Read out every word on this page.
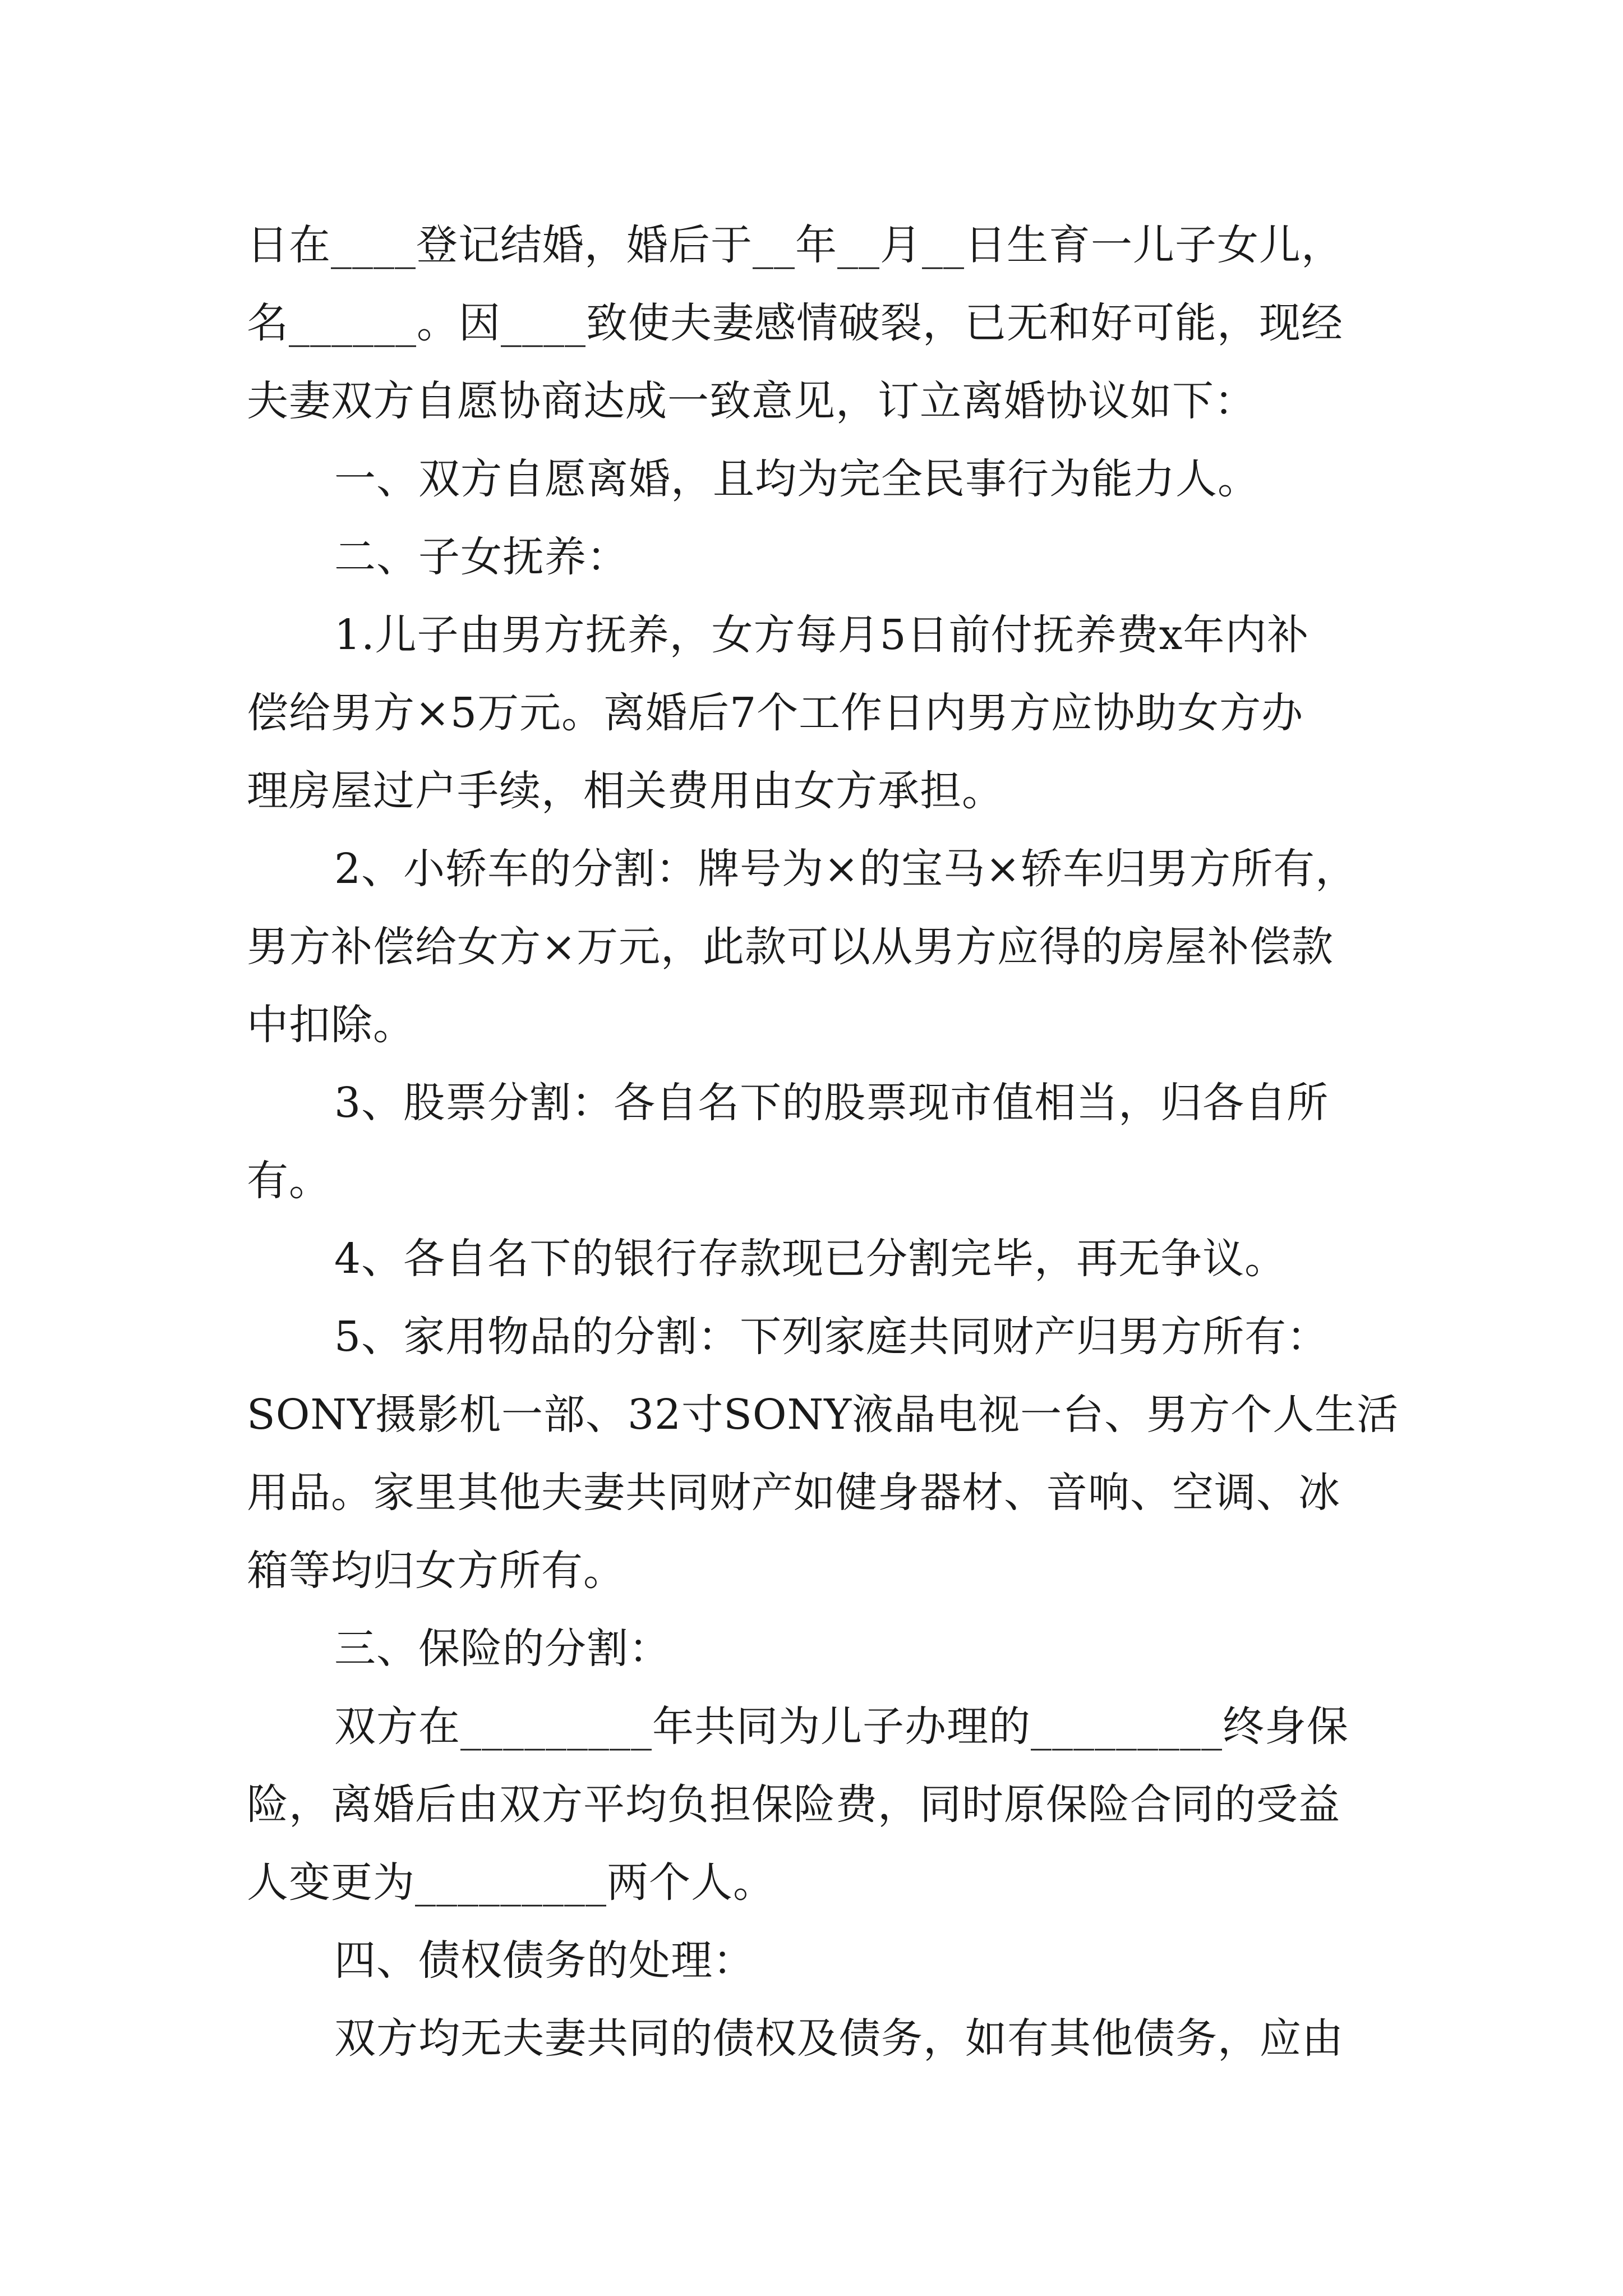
日在____登记结婚，婚后于__年__月__日生育一儿子女儿，
名______。因____致使夫妻感情破裂，已无和好可能，现经
夫妻双方自愿协商达成一致意见，订立离婚协议如下：
一、双方自愿离婚，且均为完全民事行为能力人。
二、子女抚养：
1.儿子由男方抚养，女方每月5日前付抚养费x年内补
偿给男方×5万元。离婚后7个工作日内男方应协助女方办
理房屋过户手续，相关费用由女方承担。
2、小轿车的分割：牌号为×的宝马×轿车归男方所有，
男方补偿给女方×万元，此款可以从男方应得的房屋补偿款
中扣除。
3、股票分割：各自名下的股票现市值相当，归各自所
有。
4、各自名下的银行存款现已分割完毕，再无争议。
5、家用物品的分割：下列家庭共同财产归男方所有：
SONY摄影机一部、32寸SONY液晶电视一台、男方个人生活
用品。家里其他夫妻共同财产如健身器材、音响、空调、冰
箱等均归女方所有。
三、保险的分割：
双方在_________年共同为儿子办理的_________终身保
险，离婚后由双方平均负担保险费，同时原保险合同的受益
人变更为_________两个人。
四、债权债务的处理：
双方均无夫妻共同的债权及债务，如有其他债务，应由
